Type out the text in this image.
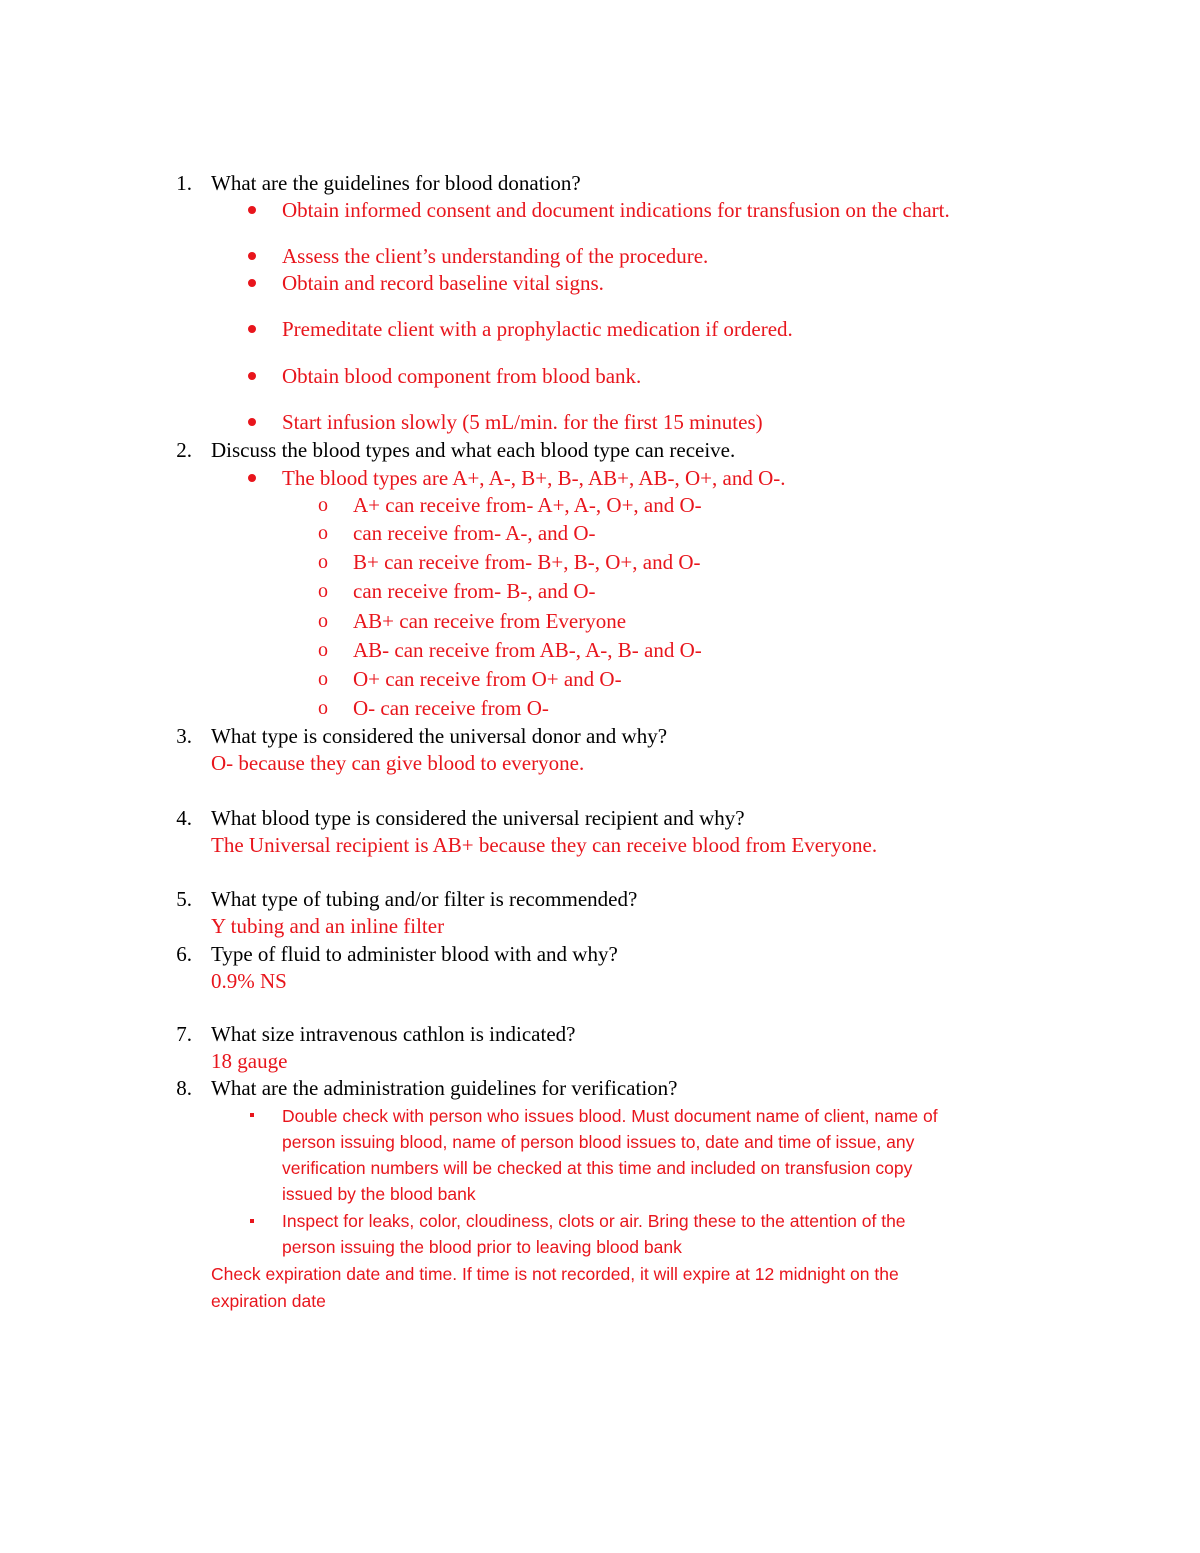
1. What are the guidelines for blood donation?
Obtain informed consent and document indications for transfusion on the chart.
Assess the client’s understanding of the procedure.
Obtain and record baseline vital signs.
Premeditate client with a prophylactic medication if ordered.
Obtain blood component from blood bank.
Start infusion slowly (5 mL/min. for the first 15 minutes)
2. Discuss the blood types and what each blood type can receive.
The blood types are A+, A-, B+, B-, AB+, AB-, O+, and O-.
o A+ can receive from- A+, A-, O+, and O-
o can receive from- A-, and O-
o B+ can receive from- B+, B-, O+, and O-
o can receive from- B-, and O-
o AB+ can receive from Everyone
o AB- can receive from AB-, A-, B- and O-
o O+ can receive from O+ and O-
o O- can receive from O-
3. What type is considered the universal donor and why?
O- because they can give blood to everyone.
4. What blood type is considered the universal recipient and why?
The Universal recipient is AB+ because they can receive blood from Everyone.
5. What type of tubing and/or filter is recommended?
Y tubing and an inline filter
6. Type of fluid to administer blood with and why?
0.9% NS
7. What size intravenous cathlon is indicated?
18 gauge
8. What are the administration guidelines for verification?
Double check with person who issues blood. Must document name of client, name of
person issuing blood, name of person blood issues to, date and time of issue, any
verification numbers will be checked at this time and included on transfusion copy
issued by the blood bank
Inspect for leaks, color, cloudiness, clots or air. Bring these to the attention of the
person issuing the blood prior to leaving blood bank
Check expiration date and time. If time is not recorded, it will expire at 12 midnight on the
expiration date
